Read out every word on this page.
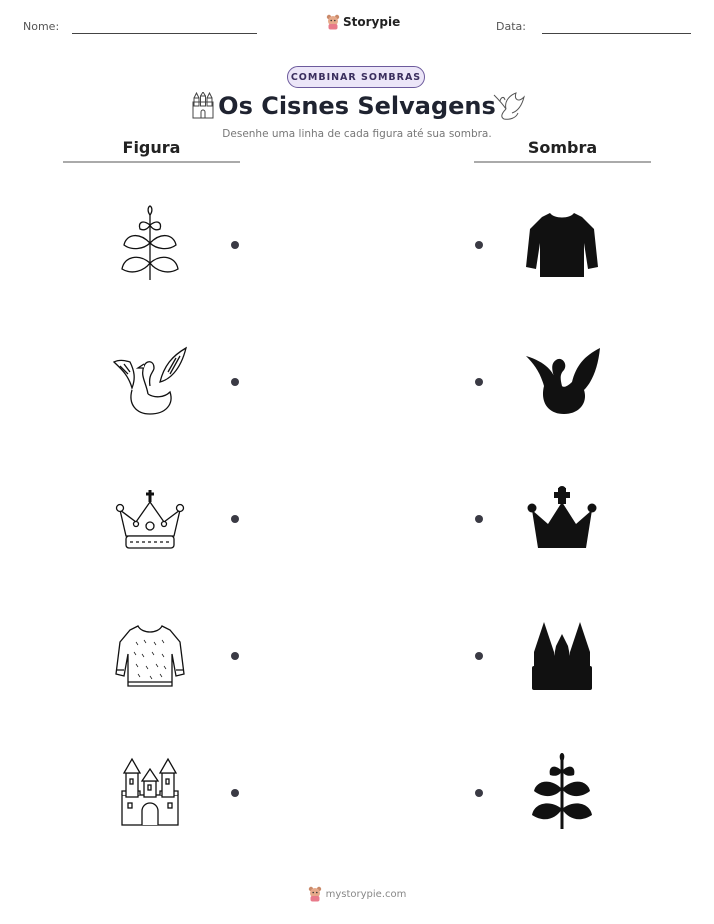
Nome:	Storypie	Data:
COMBINAR SOMBRAS
Os Cisnes Selvagens
Desenhe uma linha de cada figura até sua sombra.
Figura	Sombra
mystorypie.com
